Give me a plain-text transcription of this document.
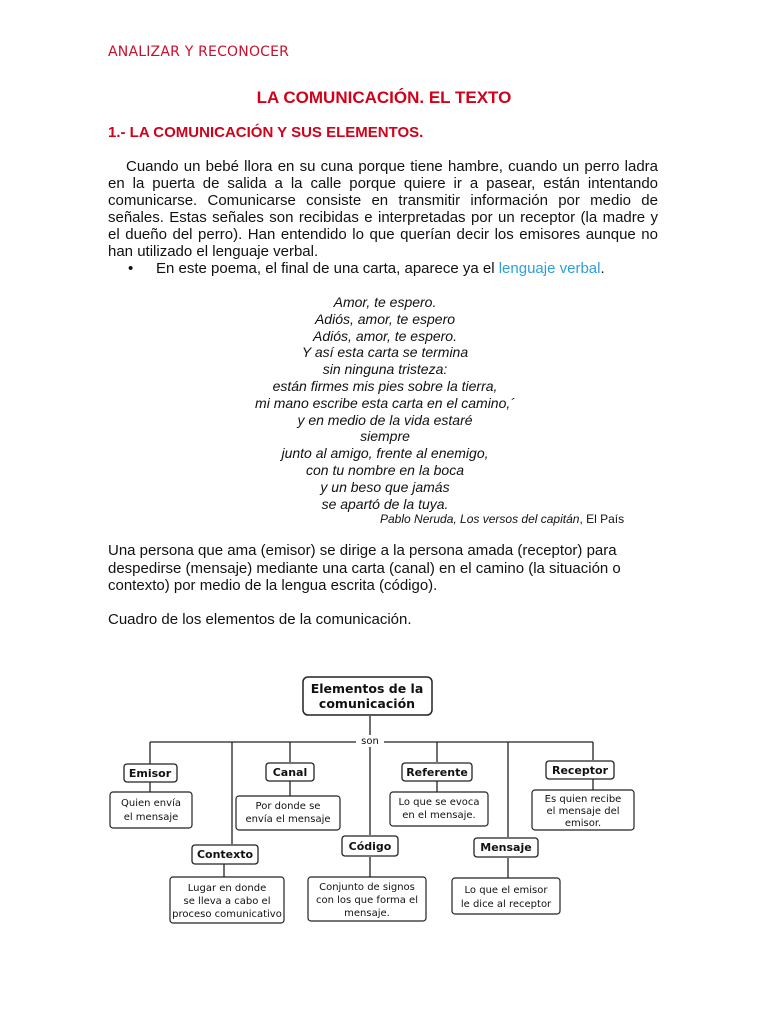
ANALIZAR Y RECONOCER
LA COMUNICACIÓN. EL TEXTO
1.- LA COMUNICACIÓN Y SUS ELEMENTOS.

Cuando un bebé llora en su cuna porque tiene hambre, cuando un perro ladra en la puerta de salida a la calle porque quiere ir a pasear, están intentando comunicarse. Comunicarse consiste en transmitir información por medio de señales. Estas señales son recibidas e interpretadas por un receptor (la madre y el dueño del perro). Han entendido lo que querían decir los emisores aunque no han utilizado el lenguaje verbal.

• En este poema, el final de una carta, aparece ya el lenguaje verbal.

Amor, te espero.
Adiós, amor, te espero
Adiós, amor, te espero.
Y así esta carta se termina
sin ninguna tristeza:
están firmes mis pies sobre la tierra,
mi mano escribe esta carta en el camino,´
y en medio de la vida estaré
siempre
junto al amigo, frente al enemigo,
con tu nombre en la boca
y un beso que jamás
se apartó de la tuya.
Pablo Neruda, Los versos del capitán, El País

Una persona que ama (emisor) se dirige a la persona amada (receptor) para despedirse (mensaje) mediante una carta (canal) en el camino (la situación o contexto) por medio de la lengua escrita (código).

Cuadro de los elementos de la comunicación.
Elementos de la
comunicación
son
Emisor
Quien envía
el mensaje
Canal
Por donde se
envía el mensaje
Referente
Lo que se evoca
en el mensaje.
Receptor
Es quien recibe
el mensaje del
emisor.
Contexto
Lugar en donde
se lleva a cabo el
proceso comunicativo
Código
Conjunto de signos
con los que forma el
mensaje.
Mensaje
Lo que el emisor
le dice al receptor
